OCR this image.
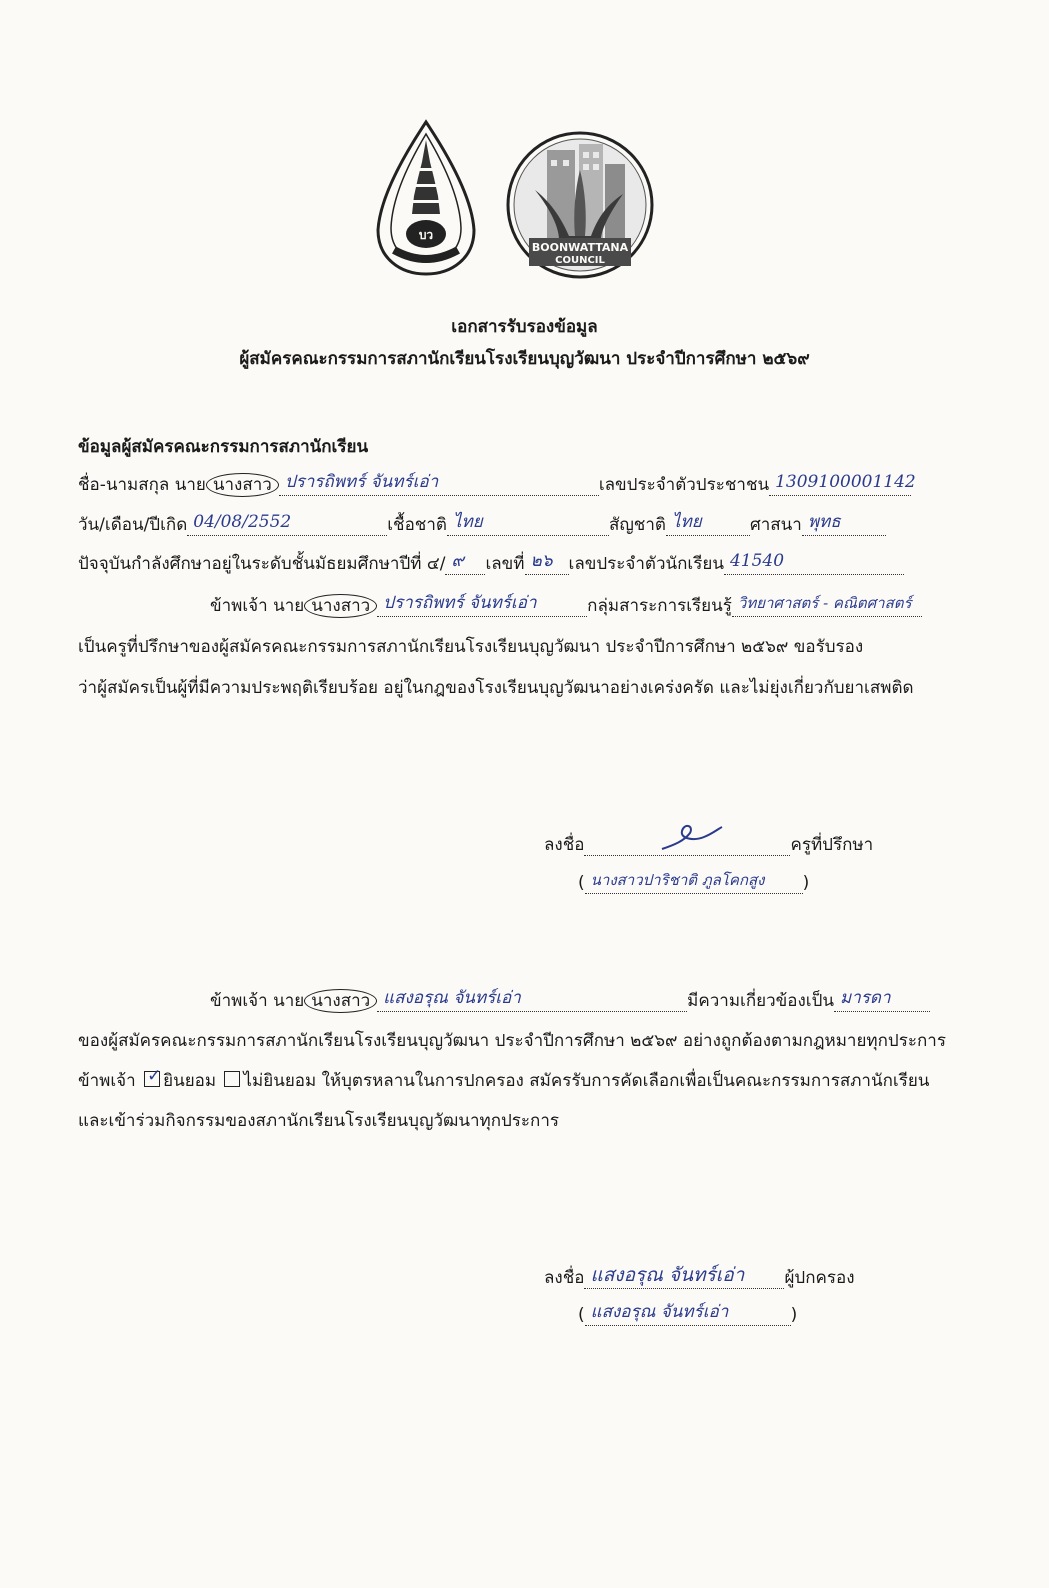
บว
BOONWATTANA
COUNCIL
เอกสารรับรองข้อมูล
ผู้สมัครคณะกรรมการสภานักเรียนโรงเรียนบุญวัฒนา ประจำปีการศึกษา ๒๕๖๙
ข้อมูลผู้สมัครคณะกรรมการสภานักเรียน
ชื่อ-นามสกุล นาย นางสาว ปรารถิพทร์ จันทร์เอ่า	เลขประจำตัวประชาชน 1309100001142
วัน/เดือน/ปีเกิด 04/08/2552	เชื้อชาติ ไทย	สัญชาติ ไทย	ศาสนา พุทธ
ปัจจุบันกำลังศึกษาอยู่ในระดับชั้นมัธยมศึกษาปีที่ ๔/ ๙ เลขที่ ๒๖ เลขประจำตัวนักเรียน 41540
ข้าพเจ้า นาย นางสาว ปรารถิพทร์ จันทร์เอ่า	กลุ่มสาระการเรียนรู้ วิทยาศาสตร์ - คณิตศาสตร์
เป็นครูที่ปรึกษาของผู้สมัครคณะกรรมการสภานักเรียนโรงเรียนบุญวัฒนา ประจำปีการศึกษา ๒๕๖๙ ขอรับรอง
ว่าผู้สมัครเป็นผู้ที่มีความประพฤติเรียบร้อย อยู่ในกฎของโรงเรียนบุญวัฒนาอย่างเคร่งครัด และไม่ยุ่งเกี่ยวกับยาเสพติด
ลงชื่อ	ครูที่ปรึกษา
( นางสาวปาริชาติ ภูลโคกสูง )
ข้าพเจ้า นาย นางสาว แสงอรุณ จันทร์เอ่า	มีความเกี่ยวข้องเป็น มารดา
ของผู้สมัครคณะกรรมการสภานักเรียนโรงเรียนบุญวัฒนา ประจำปีการศึกษา ๒๕๖๙ อย่างถูกต้องตามกฎหมายทุกประการ
ข้าพเจ้า ✓ ยินยอม ไม่ยินยอม ให้บุตรหลานในการปกครอง สมัครรับการคัดเลือกเพื่อเป็นคณะกรรมการสภานักเรียน
และเข้าร่วมกิจกรรมของสภานักเรียนโรงเรียนบุญวัฒนาทุกประการ
ลงชื่อ แสงอรุณ จันทร์เอ่า ผู้ปกครอง
( แสงอรุณ จันทร์เอ่า	)
